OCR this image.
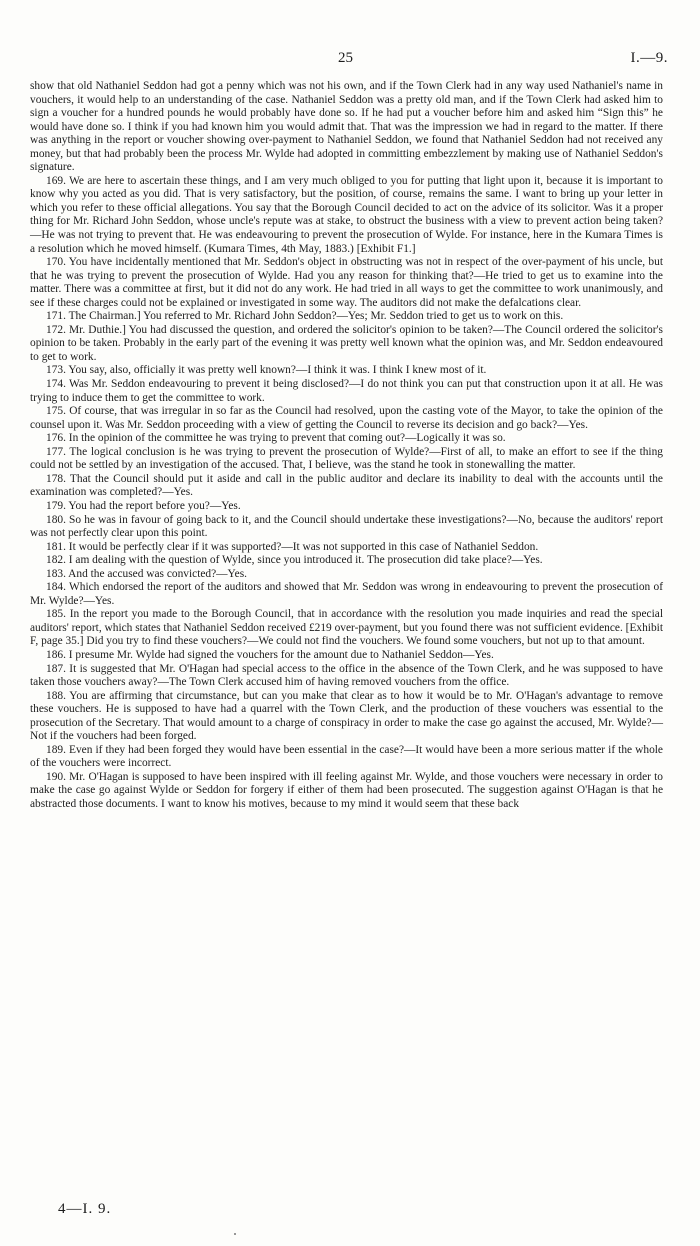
25	I.—9.

show that old Nathaniel Seddon had got a penny which was not his own, and if the Town Clerk had in any way used Nathaniel's name in vouchers, it would help to an understanding of the case. Nathaniel Seddon was a pretty old man, and if the Town Clerk had asked him to sign a voucher for a hundred pounds he would probably have done so. If he had put a voucher before him and asked him “Sign this” he would have done so. I think if you had known him you would admit that. That was the impression we had in regard to the matter. If there was anything in the report or voucher showing over-payment to Nathaniel Seddon, we found that Nathaniel Seddon had not received any money, but that had probably been the process Mr. Wylde had adopted in committing embezzlement by making use of Nathaniel Seddon's signature.

169. We are here to ascertain these things, and I am very much obliged to you for putting that light upon it, because it is important to know why you acted as you did. That is very satisfactory, but the position, of course, remains the same. I want to bring up your letter in which you refer to these official allegations. You say that the Borough Council decided to act on the advice of its solicitor. Was it a proper thing for Mr. Richard John Seddon, whose uncle's repute was at stake, to obstruct the business with a view to prevent action being taken?—He was not trying to prevent that. He was endeavouring to prevent the prosecution of Wylde. For instance, here in the Kumara Times is a resolution which he moved himself. (Kumara Times, 4th May, 1883.) [Exhibit F1.]

170. You have incidentally mentioned that Mr. Seddon's object in obstructing was not in respect of the over-payment of his uncle, but that he was trying to prevent the prosecution of Wylde. Had you any reason for thinking that?—He tried to get us to examine into the matter. There was a committee at first, but it did not do any work. He had tried in all ways to get the committee to work unanimously, and see if these charges could not be explained or investigated in some way. The auditors did not make the defalcations clear.

171. The Chairman.] You referred to Mr. Richard John Seddon?—Yes; Mr. Seddon tried to get us to work on this.

172. Mr. Duthie.] You had discussed the question, and ordered the solicitor's opinion to be taken?—The Council ordered the solicitor's opinion to be taken. Probably in the early part of the evening it was pretty well known what the opinion was, and Mr. Seddon endeavoured to get to work.

173. You say, also, officially it was pretty well known?—I think it was. I think I knew most of it.

174. Was Mr. Seddon endeavouring to prevent it being disclosed?—I do not think you can put that construction upon it at all. He was trying to induce them to get the committee to work.

175. Of course, that was irregular in so far as the Council had resolved, upon the casting vote of the Mayor, to take the opinion of the counsel upon it. Was Mr. Seddon proceeding with a view of getting the Council to reverse its decision and go back?—Yes.

176. In the opinion of the committee he was trying to prevent that coming out?—Logically it was so.

177. The logical conclusion is he was trying to prevent the prosecution of Wylde?—First of all, to make an effort to see if the thing could not be settled by an investigation of the accused. That, I believe, was the stand he took in stonewalling the matter.

178. That the Council should put it aside and call in the public auditor and declare its inability to deal with the accounts until the examination was completed?—Yes.

179. You had the report before you?—Yes.

180. So he was in favour of going back to it, and the Council should undertake these investigations?—No, because the auditors' report was not perfectly clear upon this point.

181. It would be perfectly clear if it was supported?—It was not supported in this case of Nathaniel Seddon.

182. I am dealing with the question of Wylde, since you introduced it. The prosecution did take place?—Yes.

183. And the accused was convicted?—Yes.

184. Which endorsed the report of the auditors and showed that Mr. Seddon was wrong in endeavouring to prevent the prosecution of Mr. Wylde?—Yes.

185. In the report you made to the Borough Council, that in accordance with the resolution you made inquiries and read the special auditors' report, which states that Nathaniel Seddon received £219 over-payment, but you found there was not sufficient evidence. [Exhibit F, page 35.] Did you try to find these vouchers?—We could not find the vouchers. We found some vouchers, but not up to that amount.

186. I presume Mr. Wylde had signed the vouchers for the amount due to Nathaniel Seddon—Yes.

187. It is suggested that Mr. O'Hagan had special access to the office in the absence of the Town Clerk, and he was supposed to have taken those vouchers away?—The Town Clerk accused him of having removed vouchers from the office.

188. You are affirming that circumstance, but can you make that clear as to how it would be to Mr. O'Hagan's advantage to remove these vouchers. He is supposed to have had a quarrel with the Town Clerk, and the production of these vouchers was essential to the prosecution of the Secretary. That would amount to a charge of conspiracy in order to make the case go against the accused, Mr. Wylde?—Not if the vouchers had been forged.

189. Even if they had been forged they would have been essential in the case?—It would have been a more serious matter if the whole of the vouchers were incorrect.

190. Mr. O'Hagan is supposed to have been inspired with ill feeling against Mr. Wylde, and those vouchers were necessary in order to make the case go against Wylde or Seddon for forgery if either of them had been prosecuted. The suggestion against O'Hagan is that he abstracted those documents. I want to know his motives, because to my mind it would seem that these back

4—I. 9.
